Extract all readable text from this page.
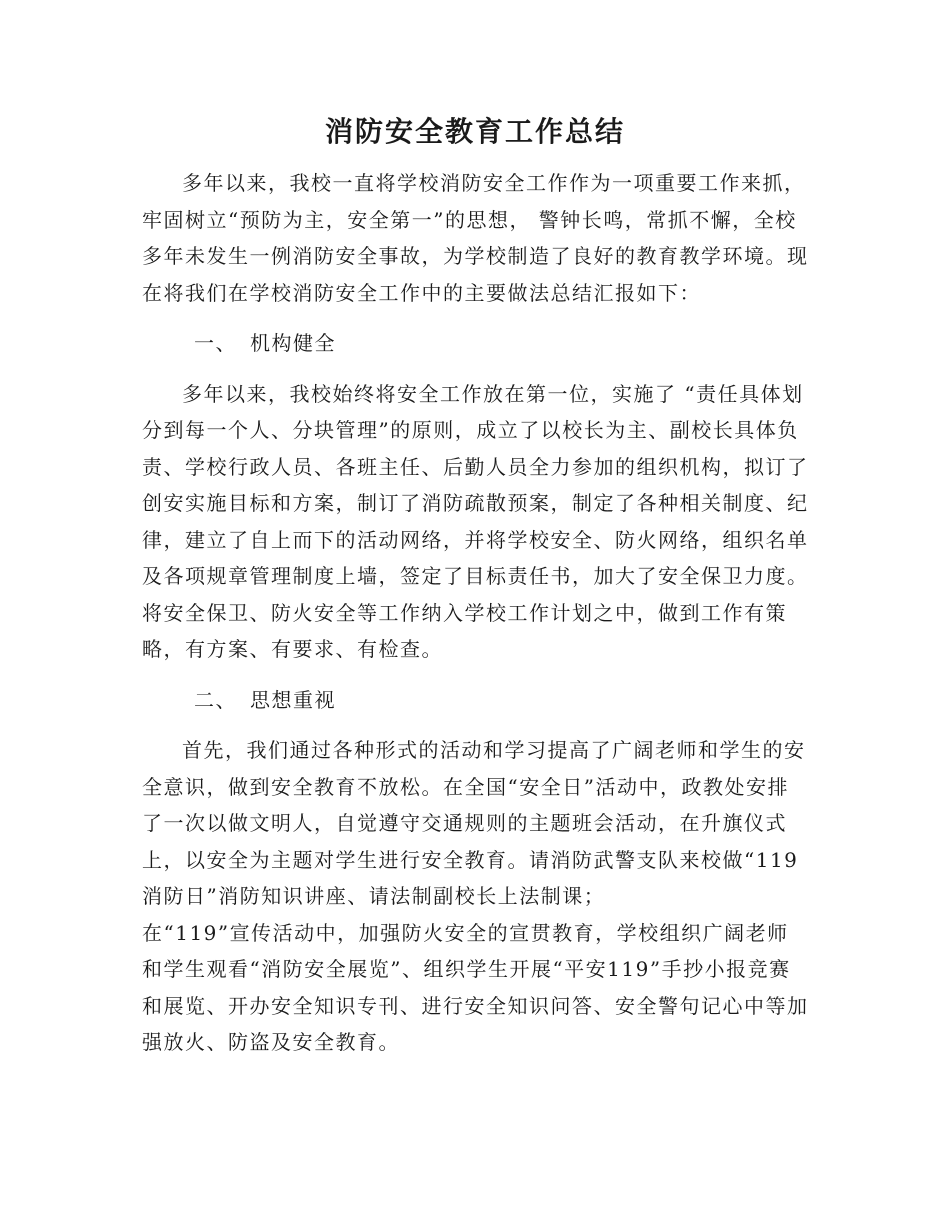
消防安全教育工作总结

多年以来，我校一直将学校消防安全工作作为一项重要工作来抓，牢固树立“预防为主，安全第一”的思想， 警钟长鸣，常抓不懈，全校多年未发生一例消防安全事故，为学校制造了良好的教育教学环境。现在将我们在学校消防安全工作中的主要做法总结汇报如下：

一、 机构健全

多年以来，我校始终将安全工作放在第一位，实施了 “责任具体划分到每一个人、分块管理”的原则，成立了以校长为主、副校长具体负责、学校行政人员、各班主任、后勤人员全力参加的组织机构，拟订了创安实施目标和方案，制订了消防疏散预案，制定了各种相关制度、纪律，建立了自上而下的活动网络，并将学校安全、防火网络，组织名单及各项规章管理制度上墙，签定了目标责任书，加大了安全保卫力度。将安全保卫、防火安全等工作纳入学校工作计划之中，做到工作有策略，有方案、有要求、有检查。

二、 思想重视

首先，我们通过各种形式的活动和学习提高了广阔老师和学生的安全意识，做到安全教育不放松。在全国“安全日”活动中，政教处安排了一次以做文明人，自觉遵守交通规则的主题班会活动，在升旗仪式上，以安全为主题对学生进行安全教育。请消防武警支队来校做“119消防日”消防知识讲座、请法制副校长上法制课；

在“119”宣传活动中，加强防火安全的宣贯教育，学校组织广阔老师和学生观看“消防安全展览”、组织学生开展“平安119”手抄小报竞赛和展览、开办安全知识专刊、进行安全知识问答、安全警句记心中等加强放火、防盗及安全教育。
